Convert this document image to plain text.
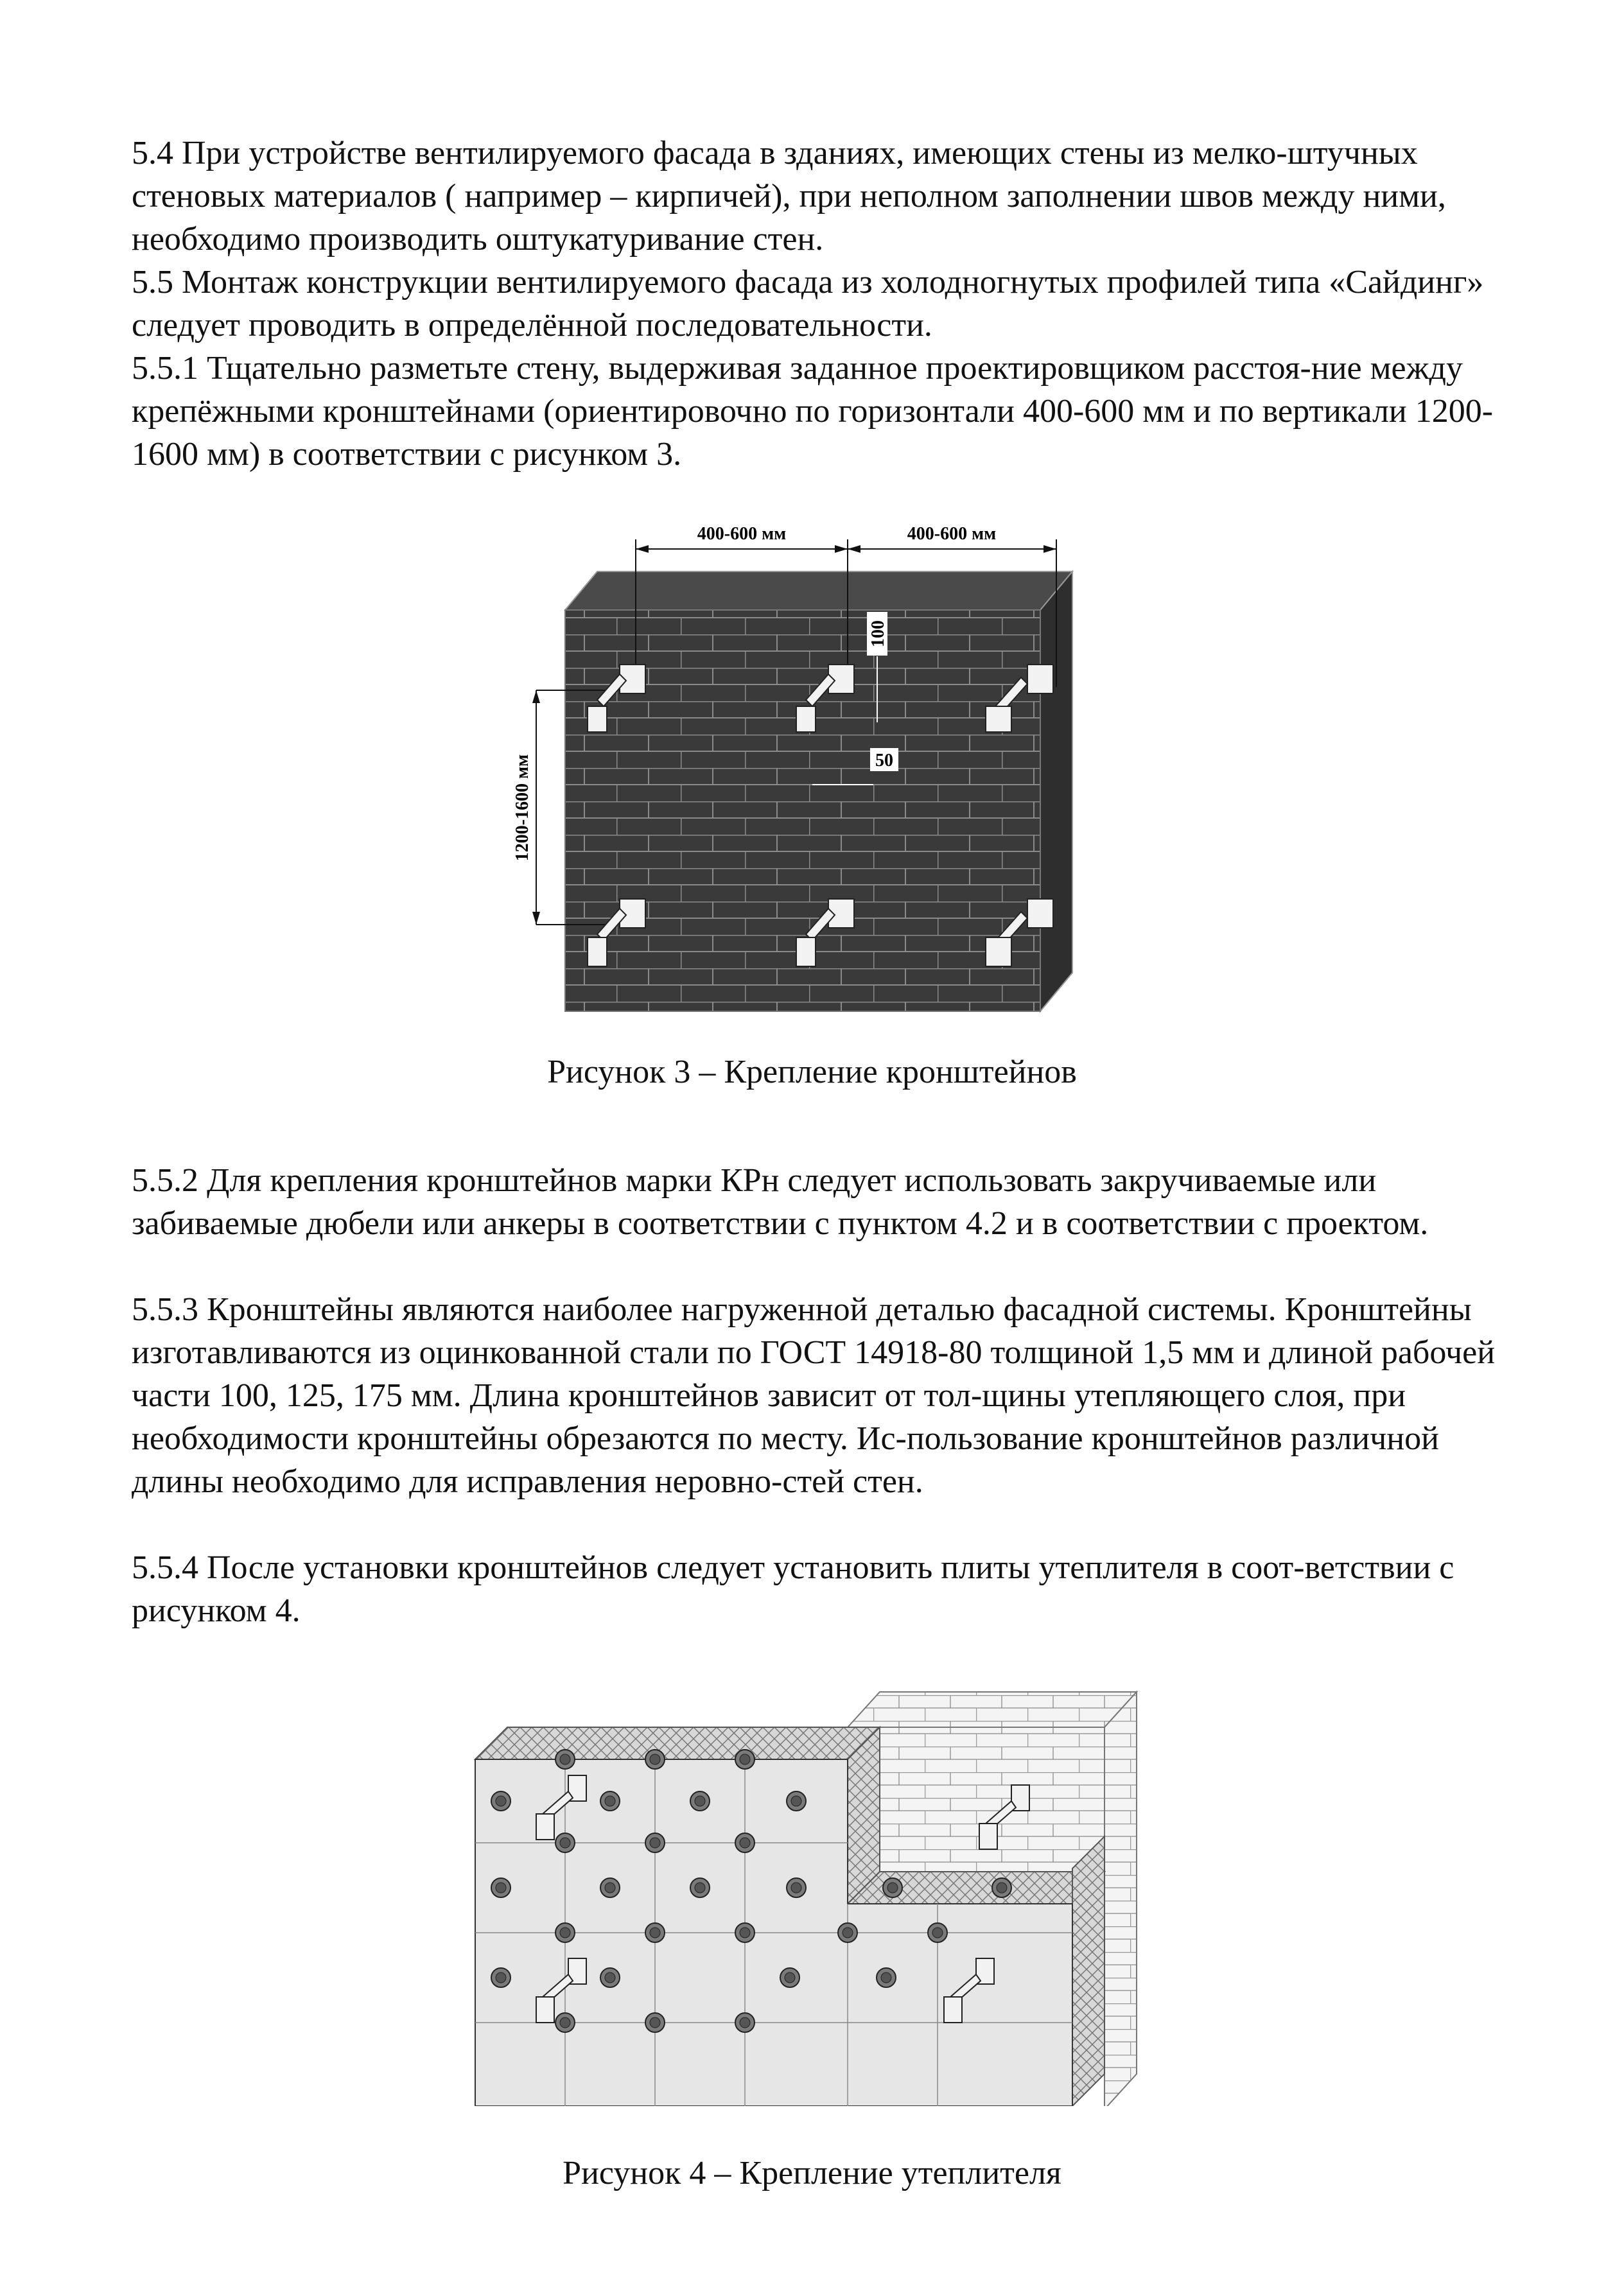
5.4 При устройстве вентилируемого фасада в зданиях, имеющих стены из мелко-штучных стеновых материалов ( например – кирпичей), при неполном заполнении швов между ними, необходимо производить оштукатуривание стен.

5.5 Монтаж конструкции вентилируемого фасада из холодногнутых профилей типа «Сайдинг» следует проводить в определённой последовательности.

5.5.1 Тщательно разметьте стену, выдерживая заданное проектировщиком расстоя-ние между крепёжными кронштейнами (ориентировочно по горизонтали 400-600 мм и по вертикали 1200-1600 мм) в соответствии с рисунком 3.

400-600 мм	400-600 мм
1200-1600 мм
100
50

Рисунок 3 – Крепление кронштейнов

5.5.2 Для крепления кронштейнов марки КРн следует использовать закручиваемые или забиваемые дюбели или анкеры в соответствии с пунктом 4.2 и в соответствии с проектом.

5.5.3 Кронштейны являются наиболее нагруженной деталью фасадной системы. Кронштейны изготавливаются из оцинкованной стали по ГОСТ 14918-80 толщиной 1,5 мм и длиной рабочей части 100, 125, 175 мм. Длина кронштейнов зависит от тол-щины утепляющего слоя, при необходимости кронштейны обрезаются по месту. Ис-пользование кронштейнов различной длины необходимо для исправления неровно-стей стен.

5.5.4 После установки кронштейнов следует установить плиты утеплителя в соот-ветствии с рисунком 4.

Рисунок 4 – Крепление утеплителя
